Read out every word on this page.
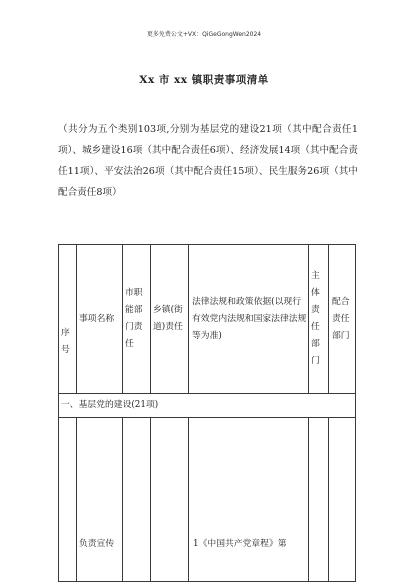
更多免费公文+VX：QiGeGongWen2024
Xx 市 xx 镇职责事项清单
（共分为五个类别103项,分别为基层党的建设21项（其中配合责任1项）、城乡建设16项（其中配合责任6项）、经济发展14项（其中配合责任11项）、平安法治26项（其中配合责任15项）、民生服务26项（其中配合责任8项）
序号	事项名称	市职能部门责任	乡镇(街道)责任	法律法规和政策依据(以现行有效党内法规和国家法律法规等为准)	主体责任部门	配合责任部门

一、基层党的建设(21项)						
	负责宣传			1《中国共产党章程》第		
